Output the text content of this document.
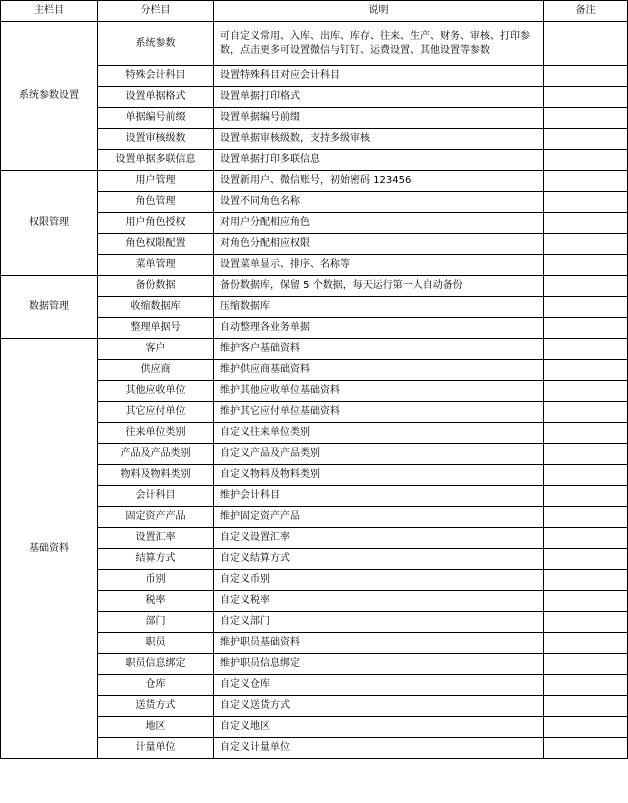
主栏目	分栏目	说明	备注
系统参数设置	系统参数	可自定义常用、入库、出库、库存、往来、生产、财务、审核、打印参数，点击更多可设置微信与钉钉、运费设置、其他设置等参数	
	特殊会计科目	设置特殊科目对应会计科目	
	设置单据格式	设置单据打印格式	
	单据编号前缀	设置单据编号前缀	
	设置审核级数	设置单据审核级数，支持多级审核	
	设置单据多联信息	设置单据打印多联信息	
权限管理	用户管理	设置新用户、微信账号，初始密码 123456	
	角色管理	设置不同角色名称	
	用户角色授权	对用户分配相应角色	
	角色权限配置	对角色分配相应权限	
	菜单管理	设置菜单显示、排序、名称等	
数据管理	备份数据	备份数据库，保留 5 个数据，每天运行第一人自动备份	
	收缩数据库	压缩数据库	
	整理单据号	自动整理各业务单据	
基础资料	客户	维护客户基础资料	
	供应商	维护供应商基础资料	
	其他应收单位	维护其他应收单位基础资料	
	其它应付单位	维护其它应付单位基础资料	
	往来单位类别	自定义往来单位类别	
	产品及产品类别	自定义产品及产品类别	
	物料及物料类别	自定义物料及物料类别	
	会计科目	维护会计科目	
	固定资产产品	维护固定资产产品	
	设置汇率	自定义设置汇率	
	结算方式	自定义结算方式	
	币别	自定义币别	
	税率	自定义税率	
	部门	自定义部门	
	职员	维护职员基础资料	
	职员信息绑定	维护职员信息绑定	
	仓库	自定义仓库	
	送货方式	自定义送货方式	
	地区	自定义地区	
	计量单位	自定义计量单位	
